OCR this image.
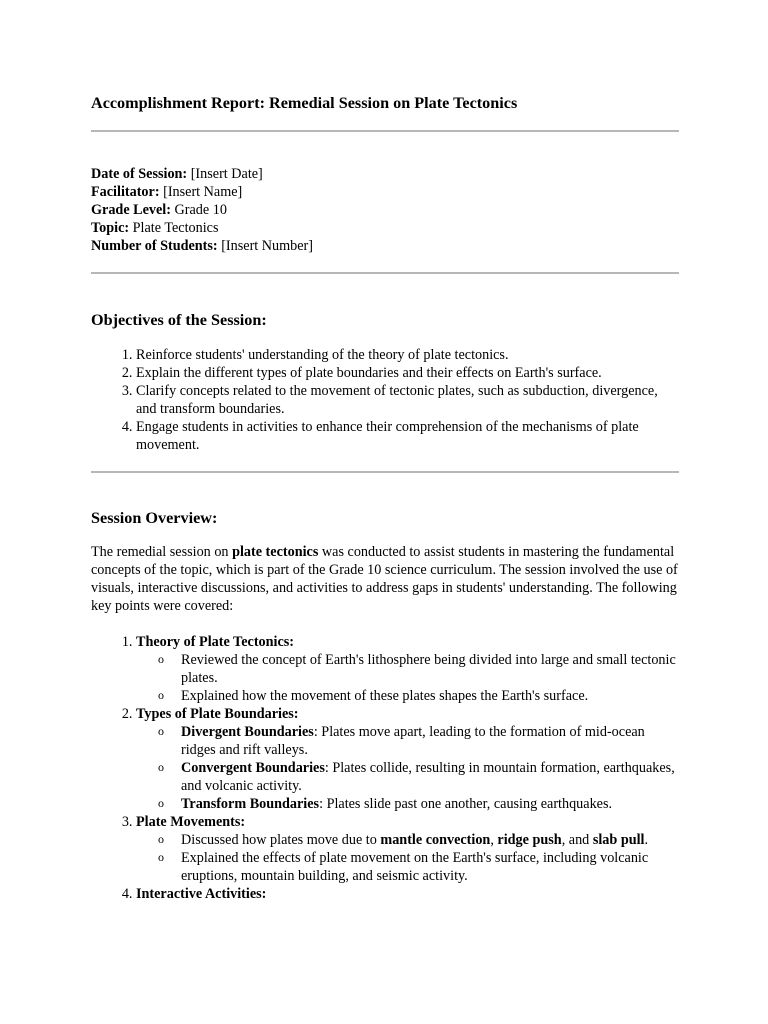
Accomplishment Report: Remedial Session on Plate Tectonics

Date of Session: [Insert Date]

Facilitator: [Insert Name]

Grade Level: Grade 10

Topic: Plate Tectonics

Number of Students: [Insert Number]

Objectives of the Session:
1. Reinforce students' understanding of the theory of plate tectonics.
2. Explain the different types of plate boundaries and their effects on Earth's surface.
3. Clarify concepts related to the movement of tectonic plates, such as subduction, divergence, and transform boundaries.
4. Engage students in activities to enhance their comprehension of the mechanisms of plate movement.
Session Overview:

The remedial session on plate tectonics was conducted to assist students in mastering the fundamental concepts of the topic, which is part of the Grade 10 science curriculum. The session involved the use of visuals, interactive discussions, and activities to address gaps in students' understanding. The following key points were covered:

1. Theory of Plate Tectonics:
o Reviewed the concept of Earth's lithosphere being divided into large and small tectonic plates.
o Explained how the movement of these plates shapes the Earth's surface.
2. Types of Plate Boundaries:
o Divergent Boundaries: Plates move apart, leading to the formation of mid-ocean ridges and rift valleys.
o Convergent Boundaries: Plates collide, resulting in mountain formation, earthquakes, and volcanic activity.
o Transform Boundaries: Plates slide past one another, causing earthquakes.
3. Plate Movements:
o Discussed how plates move due to mantle convection, ridge push, and slab pull.
o Explained the effects of plate movement on the Earth's surface, including volcanic eruptions, mountain building, and seismic activity.
4. Interactive Activities:
